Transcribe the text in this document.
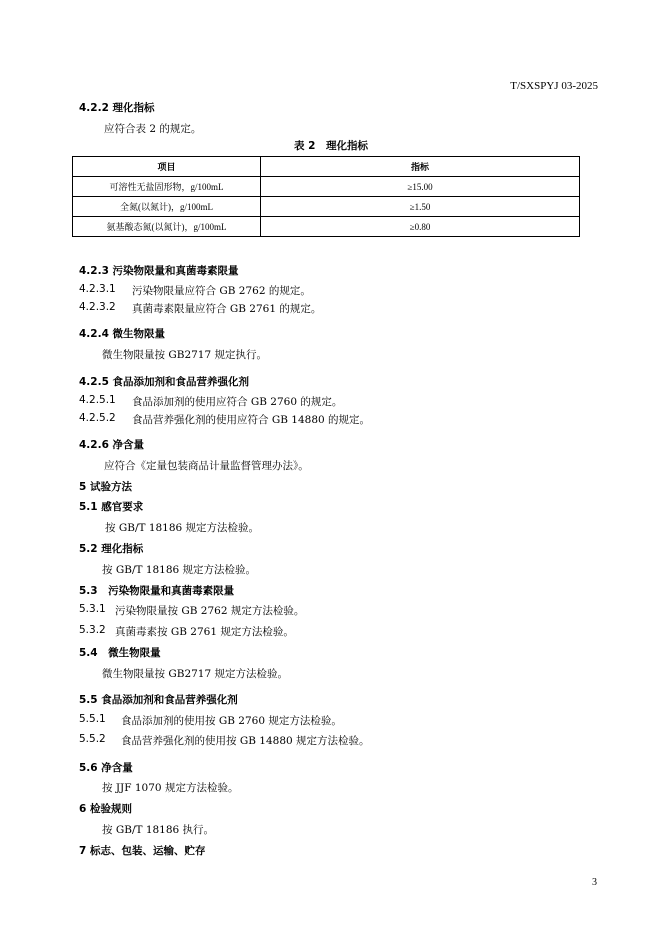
T/SXSPYJ 03-2025
4.2.2 理化指标
应符合表 2 的规定。
表 2　理化指标
项目	指标
可溶性无盐固形物，g/100mL	≥15.00
全氮(以氮计)，g/100mL	≥1.50
氨基酸态氮(以氮计)，g/100mL	≥0.80
4.2.3 污染物限量和真菌毒素限量
4.2.3.1 污染物限量应符合 GB 2762 的规定。
4.2.3.2 真菌毒素限量应符合 GB 2761 的规定。
4.2.4 微生物限量
微生物限量按 GB2717 规定执行。
4.2.5 食品添加剂和食品营养强化剂
4.2.5.1 食品添加剂的使用应符合 GB 2760 的规定。
4.2.5.2 食品营养强化剂的使用应符合 GB 14880 的规定。
4.2.6 净含量
应符合《定量包装商品计量监督管理办法》。
5 试验方法
5.1 感官要求
按 GB/T 18186 规定方法检验。
5.2 理化指标
按 GB/T 18186 规定方法检验。
5.3　污染物限量和真菌毒素限量
5.3.1 污染物限量按 GB 2762 规定方法检验。
5.3.2 真菌毒素按 GB 2761 规定方法检验。
5.4　微生物限量
微生物限量按 GB2717 规定方法检验。
5.5 食品添加剂和食品营养强化剂
5.5.1 食品添加剂的使用按 GB 2760 规定方法检验。
5.5.2 食品营养强化剂的使用按 GB 14880 规定方法检验。
5.6 净含量
按 JJF 1070 规定方法检验。
6 检验规则
按 GB/T 18186 执行。
7 标志、包装、运输、贮存
3
